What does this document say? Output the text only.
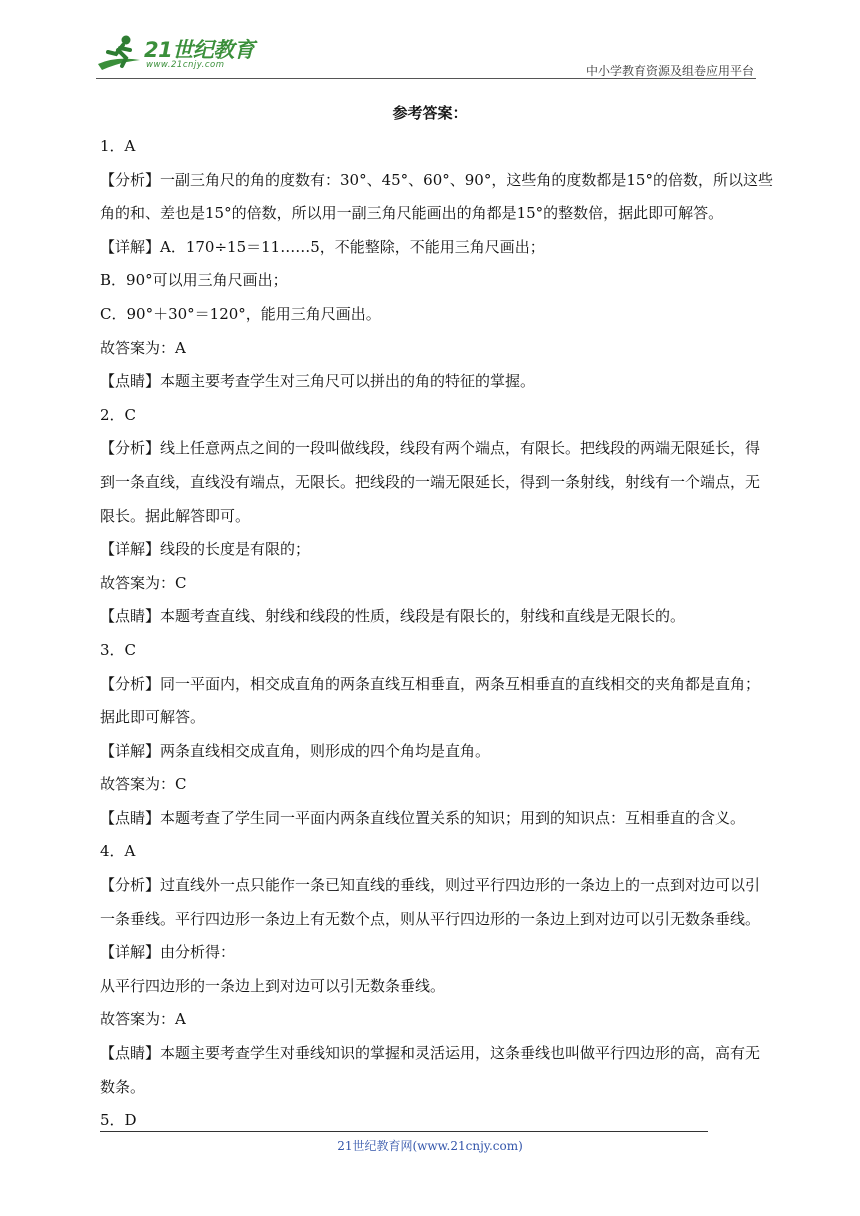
21世纪教育
www.21cnjy.com	中小学教育资源及组卷应用平台
参考答案：
1．A
【分析】一副三角尺的角的度数有：30°、45°、60°、90°，这些角的度数都是15°的倍数，所以这些
角的和、差也是15°的倍数，所以用一副三角尺能画出的角都是15°的整数倍，据此即可解答。
【详解】A．170÷15＝11……5，不能整除，不能用三角尺画出；
B．90°可以用三角尺画出；
C．90°＋30°＝120°，能用三角尺画出。
故答案为：A
【点睛】本题主要考查学生对三角尺可以拼出的角的特征的掌握。
2．C
【分析】线上任意两点之间的一段叫做线段，线段有两个端点，有限长。把线段的两端无限延长，得
到一条直线，直线没有端点，无限长。把线段的一端无限延长，得到一条射线，射线有一个端点，无
限长。据此解答即可。
【详解】线段的长度是有限的；
故答案为：C
【点睛】本题考查直线、射线和线段的性质，线段是有限长的，射线和直线是无限长的。
3．C
【分析】同一平面内，相交成直角的两条直线互相垂直，两条互相垂直的直线相交的夹角都是直角；
据此即可解答。
【详解】两条直线相交成直角，则形成的四个角均是直角。
故答案为：C
【点睛】本题考查了学生同一平面内两条直线位置关系的知识；用到的知识点：互相垂直的含义。
4．A
【分析】过直线外一点只能作一条已知直线的垂线，则过平行四边形的一条边上的一点到对边可以引
一条垂线。平行四边形一条边上有无数个点，则从平行四边形的一条边上到对边可以引无数条垂线。
【详解】由分析得：
从平行四边形的一条边上到对边可以引无数条垂线。
故答案为：A
【点睛】本题主要考查学生对垂线知识的掌握和灵活运用，这条垂线也叫做平行四边形的高，高有无
数条。
5．D
21世纪教育网(www.21cnjy.com)
